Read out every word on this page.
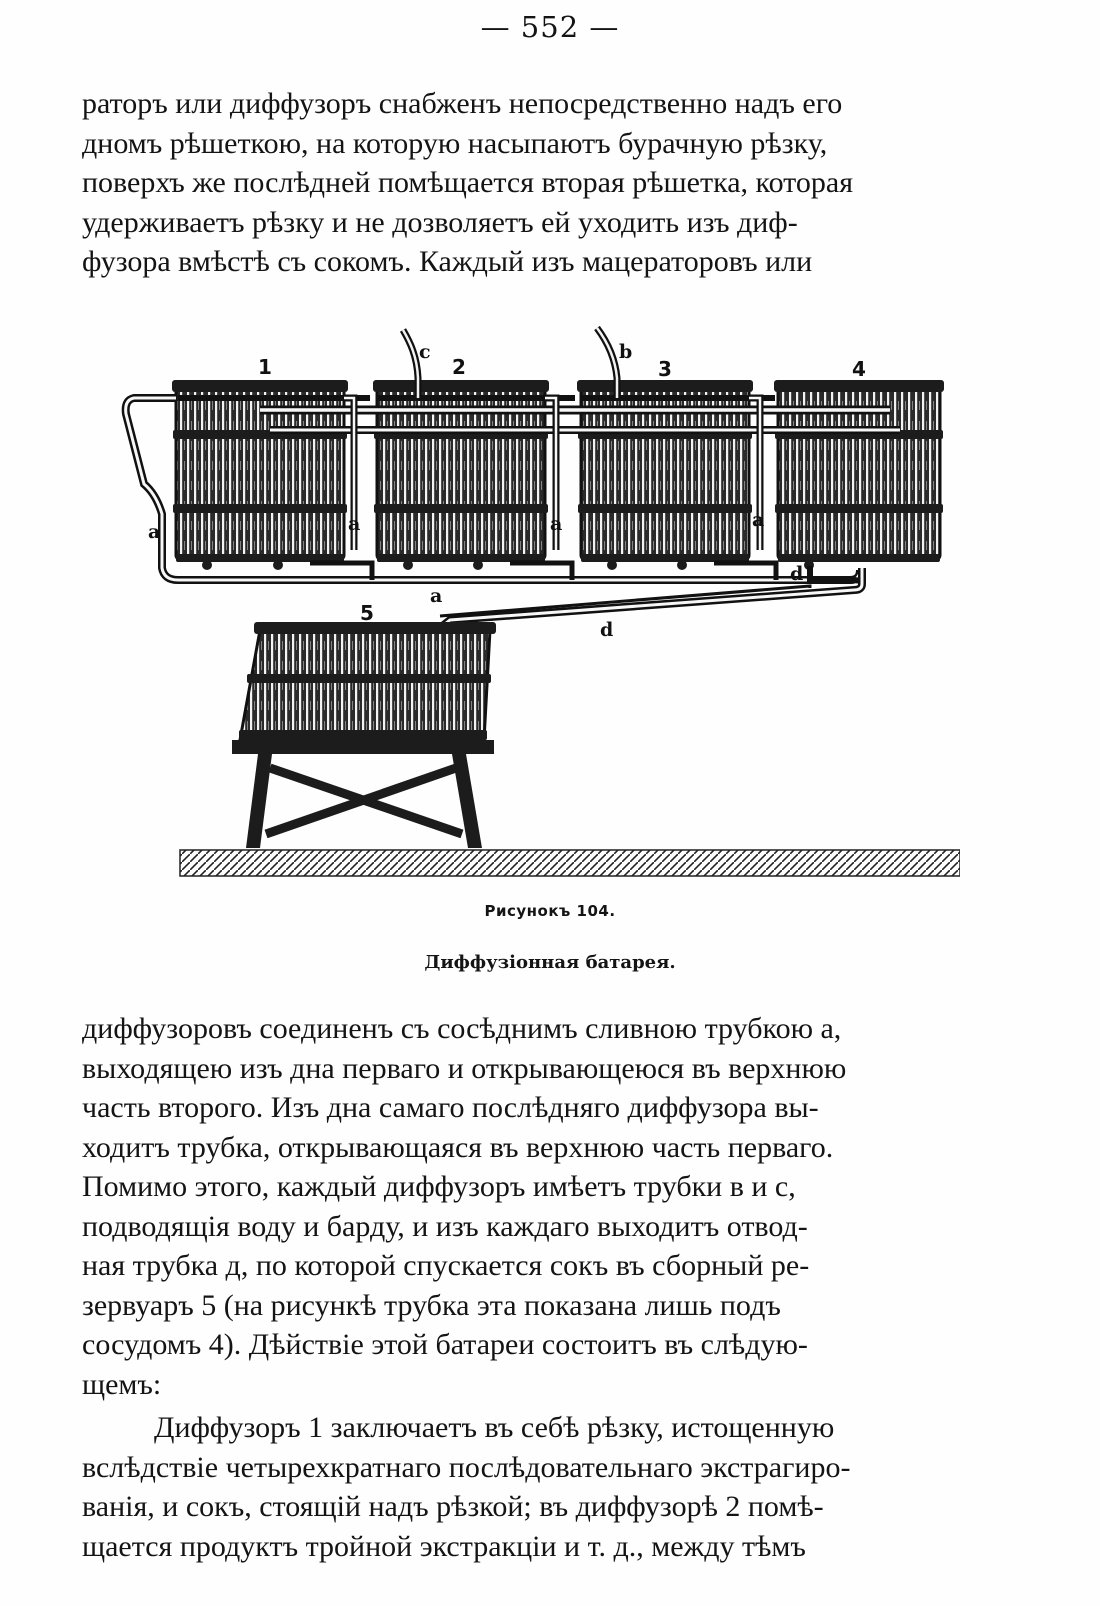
— 552 —
раторъ или диффузоръ снабженъ непосредственно надъ его
дномъ рѣшеткою, на которую насыпаютъ бурачную рѣзку,
поверхъ же послѣдней помѣщается вторая рѣшетка, которая
удерживаетъ рѣзку и не дозволяетъ ей уходить изъ диф-
фузора вмѣстѣ съ сокомъ. Каждый изъ мацераторовъ или
1	2	3	4
5
c	b
a	a	a	a
a
d
d
Рисунокъ 104.
Диффузіонная батарея.
диффузоровъ соединенъ съ сосѣднимъ сливною трубкою а,
выходящею изъ дна перваго и открывающеюся въ верхнюю
часть второго. Изъ дна самаго послѣдняго диффузора вы-
ходитъ трубка, открывающаяся въ верхнюю часть перваго.
Помимо этого, каждый диффузоръ имѣетъ трубки в и с,
подводящія воду и барду, и изъ каждаго выходитъ отвод-
ная трубка д, по которой спускается сокъ въ сборный ре-
зервуаръ 5 (на рисункѣ трубка эта показана лишь подъ
сосудомъ 4). Дѣйствіе этой батареи состоитъ въ слѣдую-
щемъ:
Диффузоръ 1 заключаетъ въ себѣ рѣзку, истощенную
вслѣдствіе четырехкратнаго послѣдовательнаго экстрагиро-
ванія, и сокъ, стоящій надъ рѣзкой; въ диффузорѣ 2 помѣ-
щается продуктъ тройной экстракціи и т. д., между тѣмъ
